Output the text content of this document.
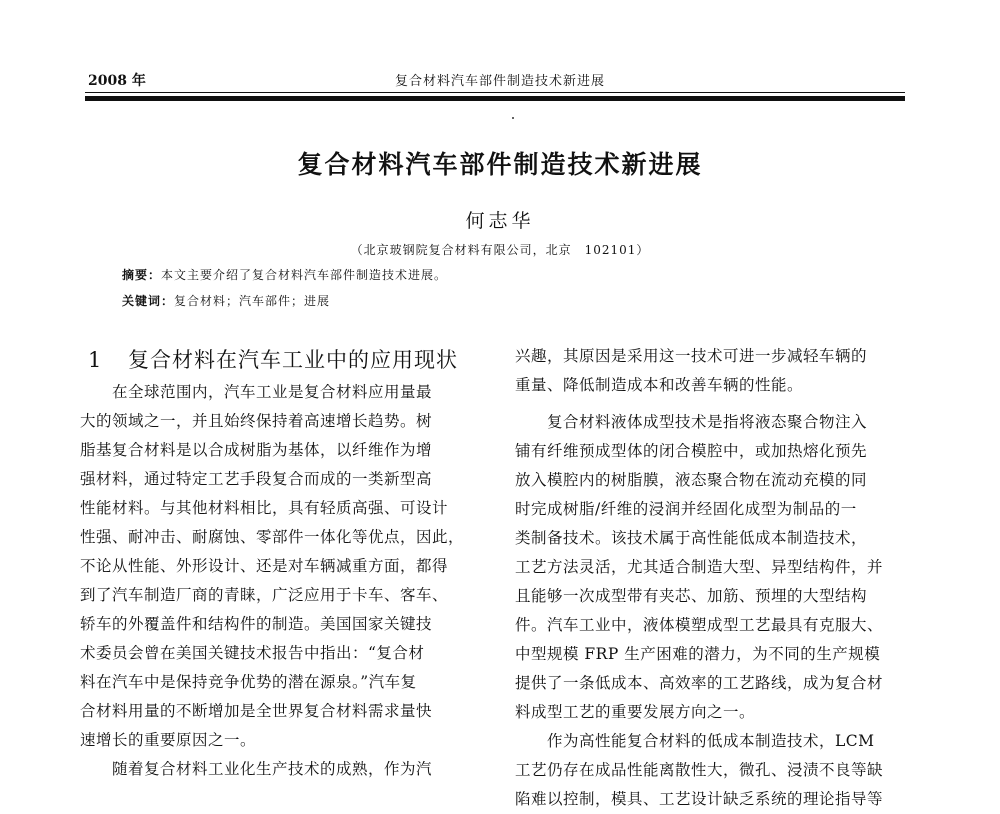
2008 年	复合材料汽车部件制造技术新进展
复合材料汽车部件制造技术新进展
何志华
（北京玻钢院复合材料有限公司，北京　102101）
摘要：本文主要介绍了复合材料汽车部件制造技术进展。
关键词：复合材料；汽车部件；进展
1	复合材料在汽车工业中的应用现状
在全球范围内，汽车工业是复合材料应用量最
大的领域之一，并且始终保持着高速增长趋势。树
脂基复合材料是以合成树脂为基体，以纤维作为增
强材料，通过特定工艺手段复合而成的一类新型高
性能材料。与其他材料相比，具有轻质高强、可设计
性强、耐冲击、耐腐蚀、零部件一体化等优点，因此，
不论从性能、外形设计、还是对车辆减重方面，都得
到了汽车制造厂商的青睐，广泛应用于卡车、客车、
轿车的外覆盖件和结构件的制造。美国国家关键技
术委员会曾在美国关键技术报告中指出：“复合材
料在汽车中是保持竞争优势的潜在源泉。”汽车复
合材料用量的不断增加是全世界复合材料需求量快
速增长的重要原因之一。
随着复合材料工业化生产技术的成熟，作为汽
兴趣，其原因是采用这一技术可进一步减轻车辆的
重量、降低制造成本和改善车辆的性能。
复合材料液体成型技术是指将液态聚合物注入
铺有纤维预成型体的闭合模腔中，或加热熔化预先
放入模腔内的树脂膜，液态聚合物在流动充模的同
时完成树脂/纤维的浸润并经固化成型为制品的一
类制备技术。该技术属于高性能低成本制造技术，
工艺方法灵活，尤其适合制造大型、异型结构件，并
且能够一次成型带有夹芯、加筋、预埋的大型结构
件。汽车工业中，液体模塑成型工艺最具有克服大、
中型规模 FRP 生产困难的潜力，为不同的生产规模
提供了一条低成本、高效率的工艺路线，成为复合材
料成型工艺的重要发展方向之一。
作为高性能复合材料的低成本制造技术，LCM
工艺仍存在成品性能离散性大，微孔、浸渍不良等缺
陷难以控制，模具、工艺设计缺乏系统的理论指导等
